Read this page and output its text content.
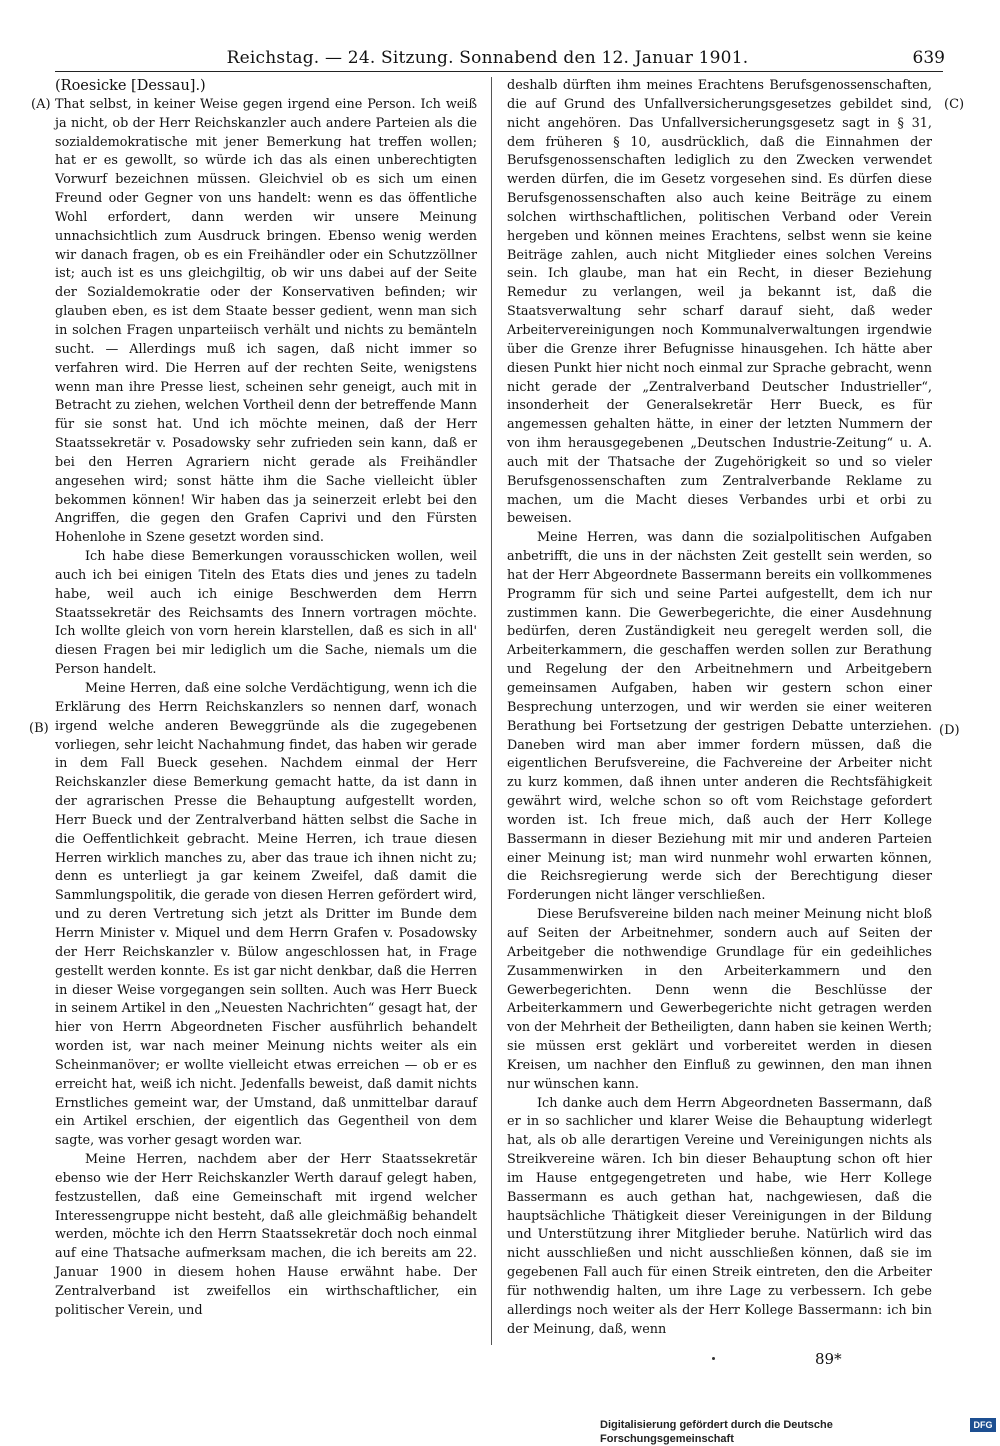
Reichstag. — 24. Sitzung. Sonnabend den 12. Januar 1901.	639
(A)
(B)
(C)
(D)

(Roesicke [Dessau].)

That selbst, in keiner Weise gegen irgend eine Person. Ich weiß ja nicht, ob der Herr Reichskanzler auch andere Parteien als die sozialdemokratische mit jener Bemerkung hat treffen wollen; hat er es gewollt, so würde ich das als einen unberechtigten Vorwurf bezeichnen müssen. Gleichviel ob es sich um einen Freund oder Gegner von uns handelt: wenn es das öffentliche Wohl erfordert, dann werden wir unsere Meinung unnachsichtlich zum Ausdruck bringen. Ebenso wenig werden wir danach fragen, ob es ein Freihändler oder ein Schutzzöllner ist; auch ist es uns gleichgiltig, ob wir uns dabei auf der Seite der Sozialdemokratie oder der Konservativen befinden; wir glauben eben, es ist dem Staate besser gedient, wenn man sich in solchen Fragen unparteiisch verhält und nichts zu bemänteln sucht. — Allerdings muß ich sagen, daß nicht immer so verfahren wird. Die Herren auf der rechten Seite, wenigstens wenn man ihre Presse liest, scheinen sehr geneigt, auch mit in Betracht zu ziehen, welchen Vortheil denn der betreffende Mann für sie sonst hat. Und ich möchte meinen, daß der Herr Staatssekretär v. Posadowsky sehr zufrieden sein kann, daß er bei den Herren Agrariern nicht gerade als Freihändler angesehen wird; sonst hätte ihm die Sache vielleicht übler bekommen können! Wir haben das ja seinerzeit erlebt bei den Angriffen, die gegen den Grafen Caprivi und den Fürsten Hohenlohe in Szene gesetzt worden sind.

Ich habe diese Bemerkungen vorausschicken wollen, weil auch ich bei einigen Titeln des Etats dies und jenes zu tadeln habe, weil auch ich einige Beschwerden dem Herrn Staatssekretär des Reichsamts des Innern vortragen möchte. Ich wollte gleich von vorn herein klarstellen, daß es sich in all' diesen Fragen bei mir lediglich um die Sache, niemals um die Person handelt.

Meine Herren, daß eine solche Verdächtigung, wenn ich die Erklärung des Herrn Reichskanzlers so nennen darf, wonach irgend welche anderen Beweggründe als die zugegebenen vorliegen, sehr leicht Nachahmung findet, das haben wir gerade in dem Fall Bueck gesehen. Nachdem einmal der Herr Reichskanzler diese Bemerkung gemacht hatte, da ist dann in der agrarischen Presse die Behauptung aufgestellt worden, Herr Bueck und der Zentralverband hätten selbst die Sache in die Oeffentlichkeit gebracht. Meine Herren, ich traue diesen Herren wirklich manches zu, aber das traue ich ihnen nicht zu; denn es unterliegt ja gar keinem Zweifel, daß damit die Sammlungspolitik, die gerade von diesen Herren gefördert wird, und zu deren Vertretung sich jetzt als Dritter im Bunde dem Herrn Minister v. Miquel und dem Herrn Grafen v. Posadowsky der Herr Reichskanzler v. Bülow angeschlossen hat, in Frage gestellt werden konnte. Es ist gar nicht denkbar, daß die Herren in dieser Weise vorgegangen sein sollten. Auch was Herr Bueck in seinem Artikel in den „Neuesten Nachrichten“ gesagt hat, der hier von Herrn Abgeordneten Fischer ausführlich behandelt worden ist, war nach meiner Meinung nichts weiter als ein Scheinmanöver; er wollte vielleicht etwas erreichen — ob er es erreicht hat, weiß ich nicht. Jedenfalls beweist, daß damit nichts Ernstliches gemeint war, der Umstand, daß unmittelbar darauf ein Artikel erschien, der eigentlich das Gegentheil von dem sagte, was vorher gesagt worden war.

Meine Herren, nachdem aber der Herr Staatssekretär ebenso wie der Herr Reichskanzler Werth darauf gelegt haben, festzustellen, daß eine Gemeinschaft mit irgend welcher Interessengruppe nicht besteht, daß alle gleichmäßig behandelt werden, möchte ich den Herrn Staatssekretär doch noch einmal auf eine Thatsache aufmerksam machen, die ich bereits am 22. Januar 1900 in diesem hohen Hause erwähnt habe. Der Zentralverband ist zweifellos ein wirthschaftlicher, ein politischer Verein, und

deshalb dürften ihm meines Erachtens Berufsgenossenschaften, die auf Grund des Unfallversicherungsgesetzes gebildet sind, nicht angehören. Das Unfallversicherungsgesetz sagt in § 31, dem früheren § 10, ausdrücklich, daß die Einnahmen der Berufsgenossenschaften lediglich zu den Zwecken verwendet werden dürfen, die im Gesetz vorgesehen sind. Es dürfen diese Berufsgenossenschaften also auch keine Beiträge zu einem solchen wirthschaftlichen, politischen Verband oder Verein hergeben und können meines Erachtens, selbst wenn sie keine Beiträge zahlen, auch nicht Mitglieder eines solchen Vereins sein. Ich glaube, man hat ein Recht, in dieser Beziehung Remedur zu verlangen, weil ja bekannt ist, daß die Staatsverwaltung sehr scharf darauf sieht, daß weder Arbeitervereinigungen noch Kommunalverwaltungen irgendwie über die Grenze ihrer Befugnisse hinausgehen. Ich hätte aber diesen Punkt hier nicht noch einmal zur Sprache gebracht, wenn nicht gerade der „Zentralverband Deutscher Industrieller“, insonderheit der Generalsekretär Herr Bueck, es für angemessen gehalten hätte, in einer der letzten Nummern der von ihm herausgegebenen „Deutschen Industrie-Zeitung“ u. A. auch mit der Thatsache der Zugehörigkeit so und so vieler Berufsgenossenschaften zum Zentralverbande Reklame zu machen, um die Macht dieses Verbandes urbi et orbi zu beweisen.

Meine Herren, was dann die sozialpolitischen Aufgaben anbetrifft, die uns in der nächsten Zeit gestellt sein werden, so hat der Herr Abgeordnete Bassermann bereits ein vollkommenes Programm für sich und seine Partei aufgestellt, dem ich nur zustimmen kann. Die Gewerbegerichte, die einer Ausdehnung bedürfen, deren Zuständigkeit neu geregelt werden soll, die Arbeiterkammern, die geschaffen werden sollen zur Berathung und Regelung der den Arbeitnehmern und Arbeitgebern gemeinsamen Aufgaben, haben wir gestern schon einer Besprechung unterzogen, und wir werden sie einer weiteren Berathung bei Fortsetzung der gestrigen Debatte unterziehen. Daneben wird man aber immer fordern müssen, daß die eigentlichen Berufsvereine, die Fachvereine der Arbeiter nicht zu kurz kommen, daß ihnen unter anderen die Rechtsfähigkeit gewährt wird, welche schon so oft vom Reichstage gefordert worden ist. Ich freue mich, daß auch der Herr Kollege Bassermann in dieser Beziehung mit mir und anderen Parteien einer Meinung ist; man wird nunmehr wohl erwarten können, die Reichsregierung werde sich der Berechtigung dieser Forderungen nicht länger verschließen.

Diese Berufsvereine bilden nach meiner Meinung nicht bloß auf Seiten der Arbeitnehmer, sondern auch auf Seiten der Arbeitgeber die nothwendige Grundlage für ein gedeihliches Zusammenwirken in den Arbeiterkammern und den Gewerbegerichten. Denn wenn die Beschlüsse der Arbeiterkammern und Gewerbegerichte nicht getragen werden von der Mehrheit der Betheiligten, dann haben sie keinen Werth; sie müssen erst geklärt und vorbereitet werden in diesen Kreisen, um nachher den Einfluß zu gewinnen, den man ihnen nur wünschen kann.

Ich danke auch dem Herrn Abgeordneten Bassermann, daß er in so sachlicher und klarer Weise die Behauptung widerlegt hat, als ob alle derartigen Vereine und Vereinigungen nichts als Streikvereine wären. Ich bin dieser Behauptung schon oft hier im Hause entgegengetreten und habe, wie Herr Kollege Bassermann es auch gethan hat, nachgewiesen, daß die hauptsächliche Thätigkeit dieser Vereinigungen in der Bildung und Unterstützung ihrer Mitglieder beruhe. Natürlich wird das nicht ausschließen und nicht ausschließen können, daß sie im gegebenen Fall auch für einen Streik eintreten, den die Arbeiter für nothwendig halten, um ihre Lage zu verbessern. Ich gebe allerdings noch weiter als der Herr Kollege Bassermann: ich bin der Meinung, daß, wenn

89*
Digitalisierung gefördert durch die Deutsche Forschungsgemeinschaft
DFG
